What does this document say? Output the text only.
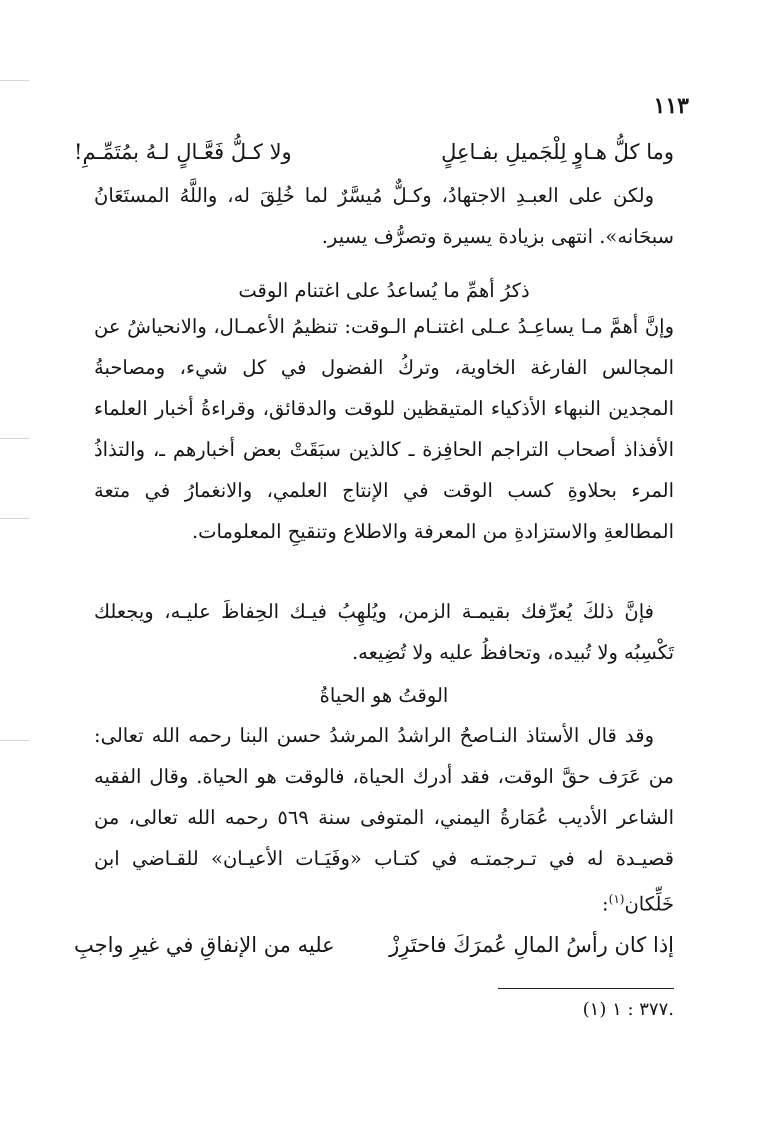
١١٣
وما كلُّ هـاوٍ لِلْجَميلِ بفـاعِلٍ
ولا كـلُّ فَعَّـالٍ لـهُ بمُتَمِّـمِ!

ولكن على العبـدِ الاجتهادُ، وكـلٌّ مُيسَّرٌ لما خُلِقَ له، واللَّهُ المستَعَانُ سبحَانه». انتهى بزيادة يسيرة وتصرُّف يسير.

ذكرُ أهمِّ ما يُساعدُ على اغتنام الوقت

وإنَّ أهمَّ مـا يساعِـدُ عـلى اغتنـام الـوقت: تنظيمُ الأعمـال، والانحياشُ عن المجالس الفارغة الخاوية، وتركُ الفضول في كل شيء، ومصاحبةُ المجدين النبهاء الأذكياء المتيقظين للوقت والدقائق، وقراءةُ أخبار العلماء الأفذاذ أصحاب التراجم الحافِزة ـ كالذين سبَقَتْ بعض أخبارهم ـ، والتذاذُ المرء بحلاوةِ كسب الوقت في الإنتاج العلمي، والانغمارُ في متعة المطالعةِ والاستزادةِ من المعرفة والاطلاع وتنقيحِ المعلومات.

فإنَّ ذلكَ يُعرِّفك بقيمـة الزمن، ويُلهِبُ فيـك الحِفاظَ عليـه، ويجعلك تَكْسِبُه ولا تُبيده، وتحافظُ عليه ولا تُضِيعه.

الوقتُ هو الحياةُ

وقد قال الأستاذ النـاصحُ الراشدُ المرشدُ حسن البنا رحمه الله تعالى: من عَرَف حقَّ الوقت، فقد أدرك الحياة، فالوقت هو الحياة. وقال الفقيه الشاعر الأديب عُمَارةُ اليمني، المتوفى سنة ٥٦٩ رحمه الله تعالى، من قصيـدة له في تـرجمتـه في كتـاب «وفَيَـات الأعيـان» للقـاضي ابن خَلِّكان$^{(١)}$:

إذا كان رأسُ المالِ عُمرَكَ فاحتَرِزْ
عليه من الإنفاقِ في غيرِ واجبِ
.٣٧٧ : ١ (١)
